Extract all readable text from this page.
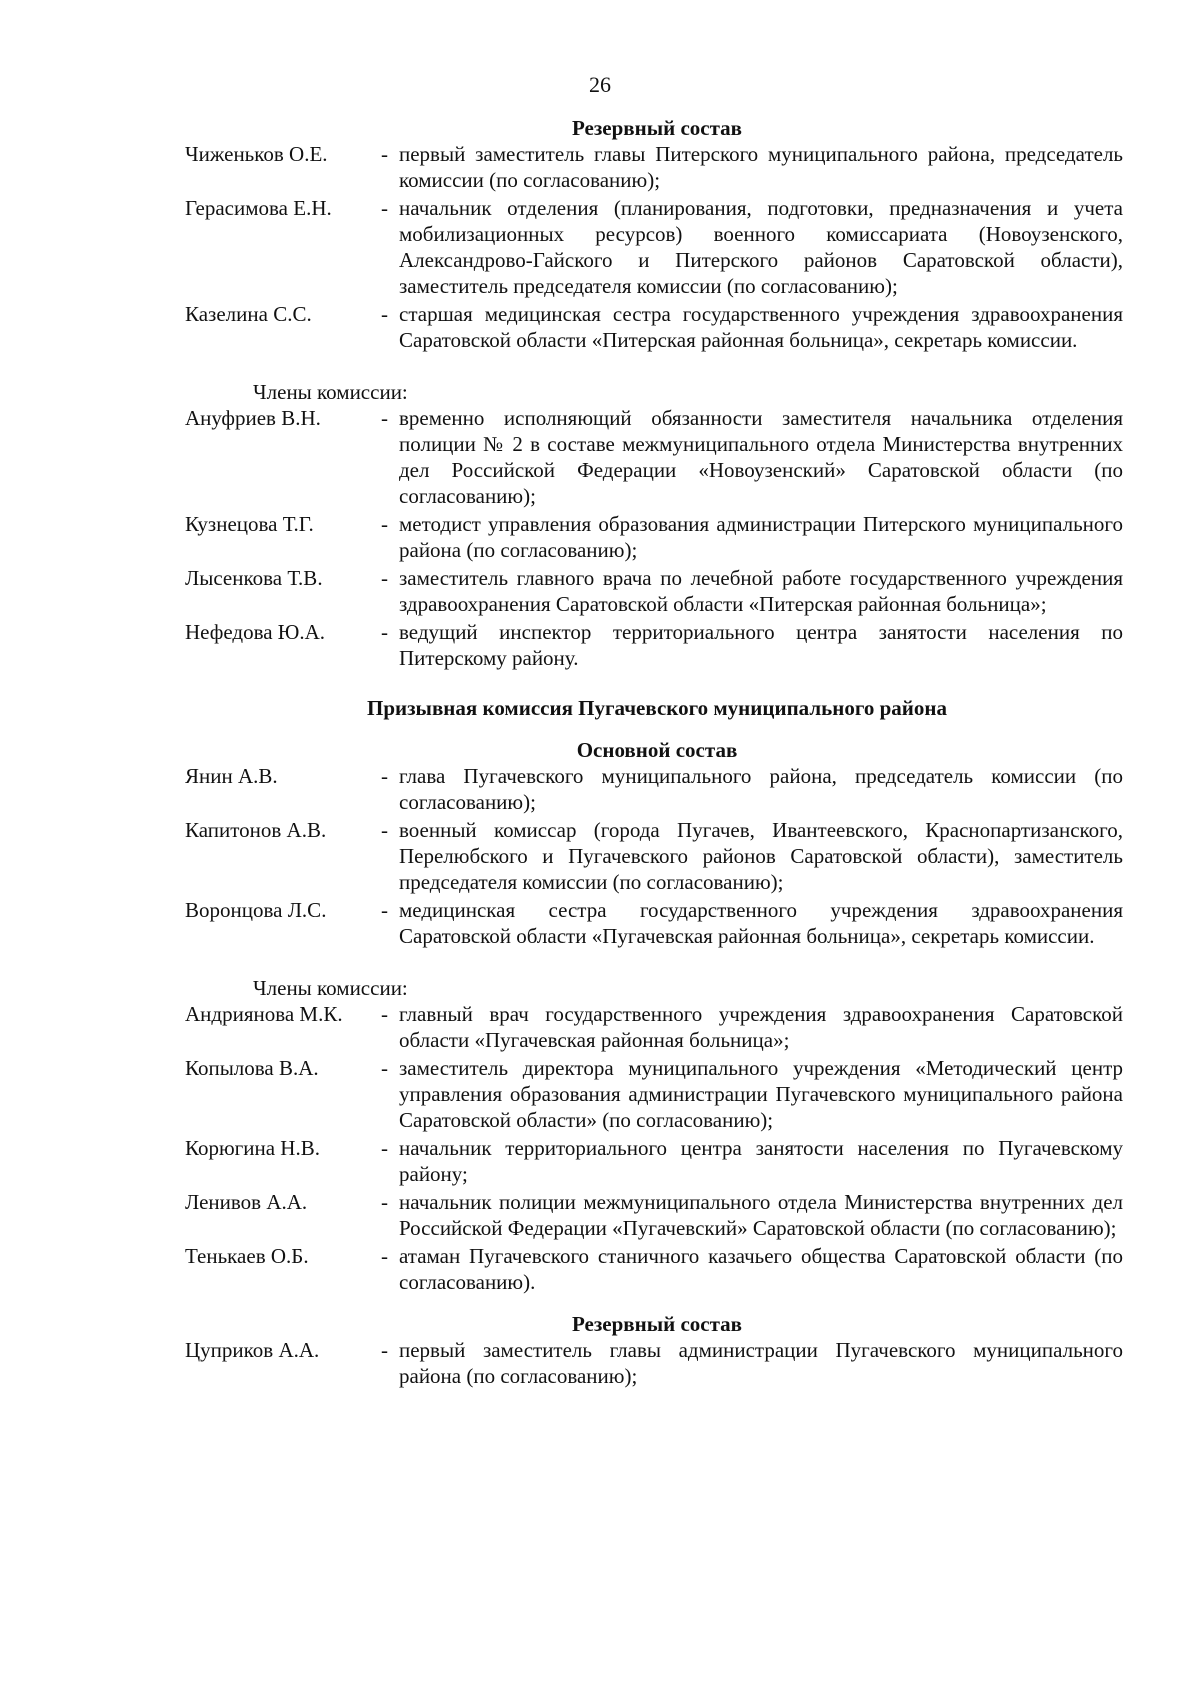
26
Резервный состав
Чиженьков О.Е.	- первый заместитель главы Питерского муниципального района, председатель комиссии (по согласованию);
Герасимова Е.Н.	- начальник отделения (планирования, подготовки, предназначения и учета мобилизационных ресурсов) военного комиссариата (Новоузенского, Александрово-Гайского и Питерского районов Саратовской области), заместитель председателя комиссии (по согласованию);
Казелина С.С.	- старшая медицинская сестра государственного учреждения здравоохранения Саратовской области «Питерская районная больница», секретарь комиссии.
Члены комиссии:
Ануфриев В.Н.	- временно исполняющий обязанности заместителя начальника отделения полиции № 2 в составе межмуниципального отдела Министерства внутренних дел Российской Федерации «Новоузенский» Саратовской области (по согласованию);
Кузнецова Т.Г.	- методист управления образования администрации Питерского муниципального района (по согласованию);
Лысенкова Т.В.	- заместитель главного врача по лечебной работе государственного учреждения здравоохранения Саратовской области «Питерская районная больница»;
Нефедова Ю.А.	- ведущий инспектор территориального центра занятости населения по Питерскому району.
Призывная комиссия Пугачевского муниципального района
Основной состав
Янин А.В.	- глава Пугачевского муниципального района, председатель комиссии (по согласованию);
Капитонов А.В.	- военный комиссар (города Пугачев, Ивантеевского, Краснопартизанского, Перелюбского и Пугачевского районов Саратовской области), заместитель председателя комиссии (по согласованию);
Воронцова Л.С.	- медицинская сестра государственного учреждения здравоохранения Саратовской области «Пугачевская районная больница», секретарь комиссии.
Члены комиссии:
Андриянова М.К.	- главный врач государственного учреждения здравоохранения Саратовской области «Пугачевская районная больница»;
Копылова В.А.	- заместитель директора муниципального учреждения «Методический центр управления образования администрации Пугачевского муниципального района Саратовской области» (по согласованию);
Корюгина Н.В.	- начальник территориального центра занятости населения по Пугачевскому району;
Ленивов А.А.	- начальник полиции межмуниципального отдела Министерства внутренних дел Российской Федерации «Пугачевский» Саратовской области (по согласованию);
Тенькаев О.Б.	- атаман Пугачевского станичного казачьего общества Саратовской области (по согласованию).
Резервный состав
Цуприков А.А.	- первый заместитель главы администрации Пугачевского муниципального района (по согласованию);
